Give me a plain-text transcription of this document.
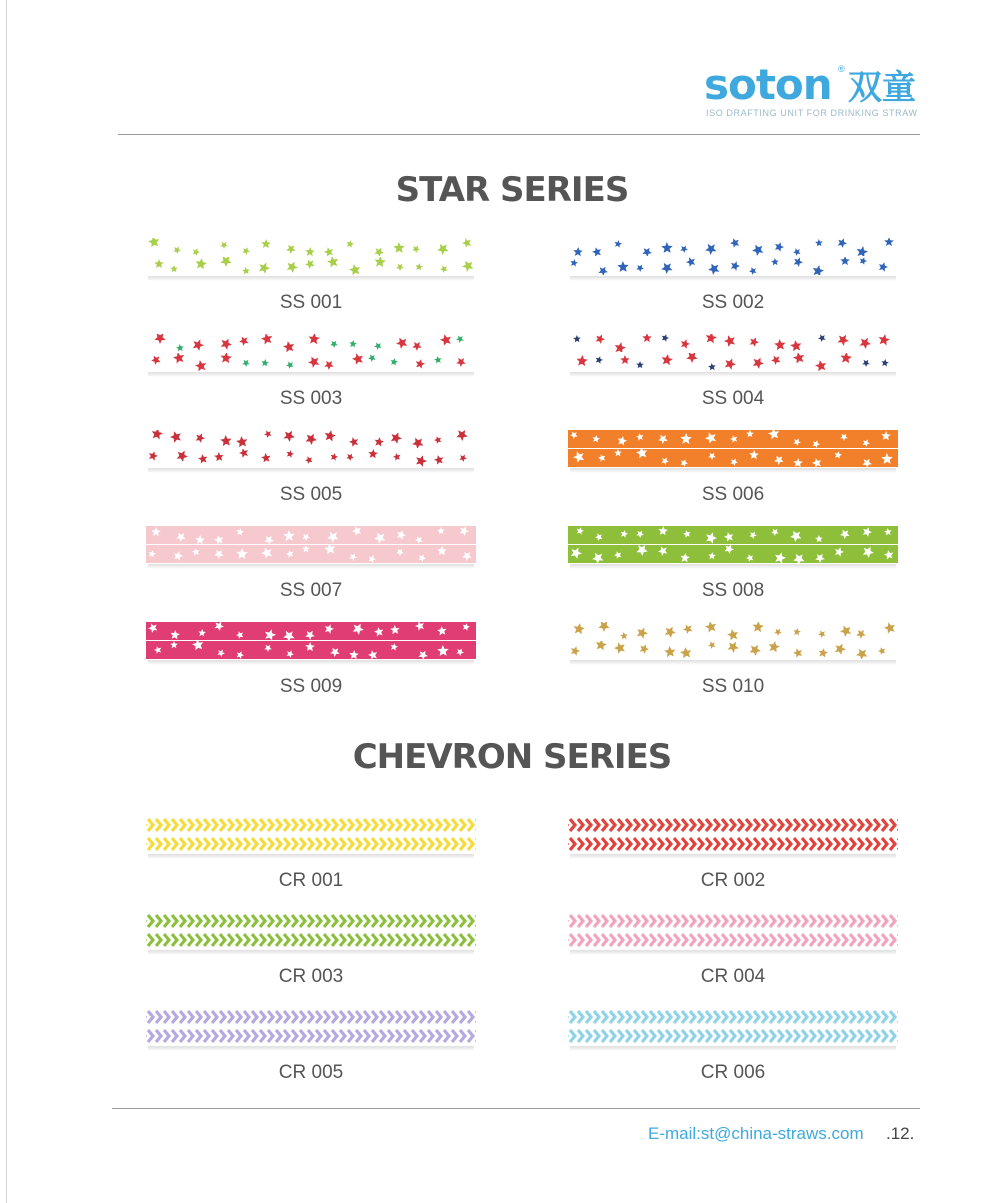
soton ® 双童
ISO DRAFTING UNIT FOR DRINKING STRAW
STAR SERIES
SS 001	SS 002
SS 003	SS 004
SS 005	SS 006
SS 007	SS 008
SS 009	SS 010
CHEVRON SERIES
CR 001	CR 002
CR 003	CR 004
CR 005	CR 006
E-mail:st@china-straws.com .12.
